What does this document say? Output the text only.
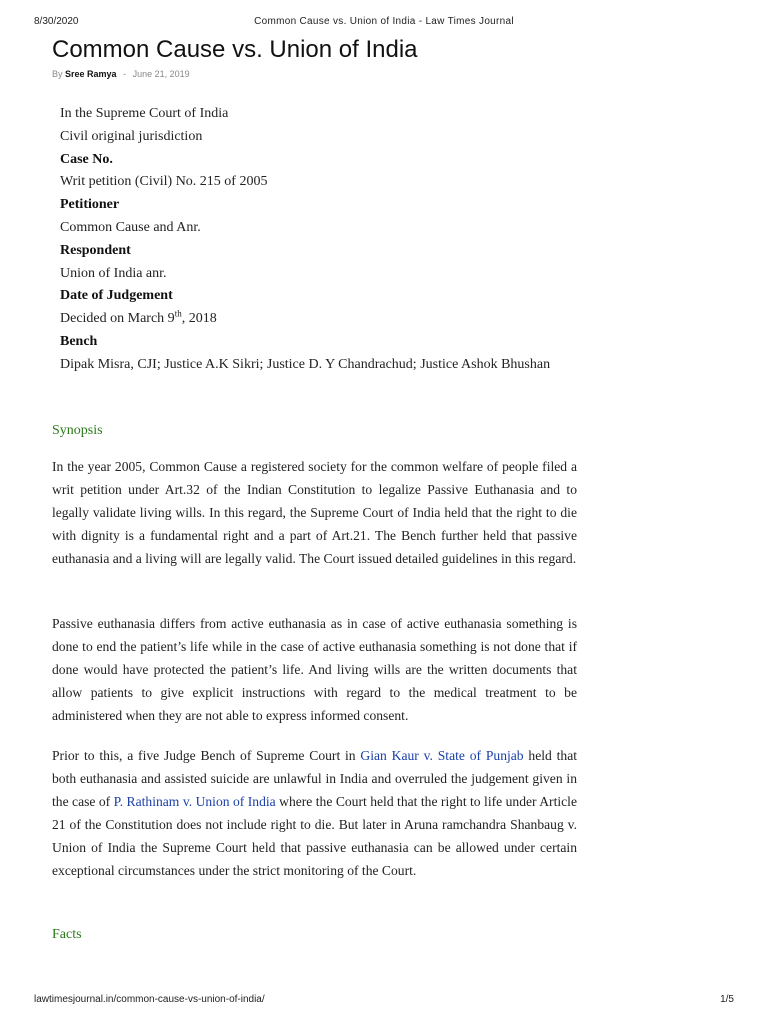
8/30/2020	Common Cause vs. Union of India - Law Times Journal
Common Cause vs. Union of India
By Sree Ramya - June 21, 2019
In the Supreme Court of India
Civil original jurisdiction
Case No.
Writ petition (Civil) No. 215 of 2005
Petitioner
Common Cause and Anr.
Respondent
Union of India anr.
Date of Judgement
Decided on March 9th, 2018
Bench
Dipak Misra, CJI; Justice A.K Sikri; Justice D. Y Chandrachud; Justice Ashok Bhushan
Synopsis

In the year 2005, Common Cause a registered society for the common welfare of people filed a writ petition under Art.32 of the Indian Constitution to legalize Passive Euthanasia and to legally validate living wills. In this regard, the Supreme Court of India held that the right to die with dignity is a fundamental right and a part of Art.21. The Bench further held that passive euthanasia and a living will are legally valid. The Court issued detailed guidelines in this regard.

Passive euthanasia differs from active euthanasia as in case of active euthanasia something is done to end the patient’s life while in the case of active euthanasia something is not done that if done would have protected the patient’s life. And living wills are the written documents that allow patients to give explicit instructions with regard to the medical treatment to be administered when they are not able to express informed consent.

Prior to this, a five Judge Bench of Supreme Court in Gian Kaur v. State of Punjab held that both euthanasia and assisted suicide are unlawful in India and overruled the judgement given in the case of P. Rathinam v. Union of India where the Court held that the right to life under Article 21 of the Constitution does not include right to die. But later in Aruna ramchandra Shanbaug v. Union of India the Supreme Court held that passive euthanasia can be allowed under certain exceptional circumstances under the strict monitoring of the Court.

Facts
lawtimesjournal.in/common-cause-vs-union-of-india/	1/5
